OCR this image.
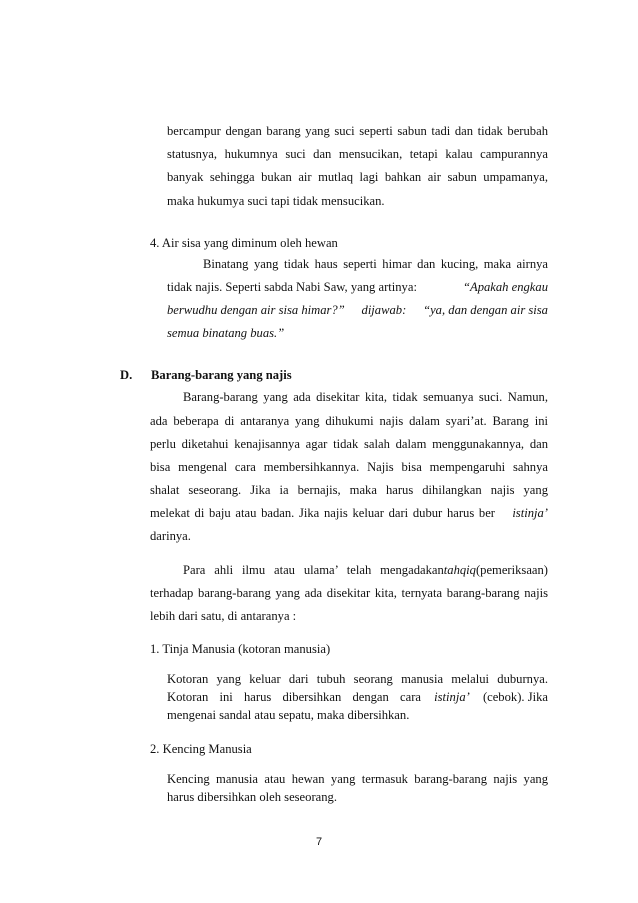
bercampur dengan barang yang suci seperti sabun tadi dan tidak berubah
statusnya, hukumnya suci dan mensucikan, tetapi kalau campurannya
banyak sehingga bukan air mutlaq lagi bahkan air sabun umpamanya,
maka hukumya suci tapi tidak mensucikan.
4. Air sisa yang diminum oleh hewan
Binatang yang tidak haus seperti himar dan kucing, maka airnya
tidak najis. Seperti sabda Nabi Saw, yang artinya:	“Apakah engkau
berwudhu dengan air sisa himar?” dijawab: “ya, dan dengan air sisa
semua binatang buas.”
D. Barang-barang yang najis
Barang-barang yang ada disekitar kita, tidak semuanya suci. Namun,
ada beberapa di antaranya yang dihukumi najis dalam syari’at. Barang ini
perlu diketahui kenajisannya agar tidak salah dalam menggunakannya, dan
bisa mengenal cara membersihkannya. Najis bisa mempengaruhi sahnya
shalat seseorang. Jika ia bernajis, maka harus dihilangkan najis yang
melekat di baju atau badan. Jika najis keluar dari dubur harus ber istinja’
darinya.
Para ahli ilmu atau ulama’ telah mengadakan tahqiq (pemeriksaan)
terhadap barang-barang yang ada disekitar kita, ternyata barang-barang najis
lebih dari satu, di antaranya :
1. Tinja Manusia (kotoran manusia)
Kotoran yang keluar dari tubuh seorang manusia melalui duburnya.
Kotoran ini harus dibersihkan dengan cara istinja’ (cebok). Jika
mengenai sandal atau sepatu, maka dibersihkan.
2. Kencing Manusia
Kencing manusia atau hewan yang termasuk barang-barang najis yang
harus dibersihkan oleh seseorang.
7
